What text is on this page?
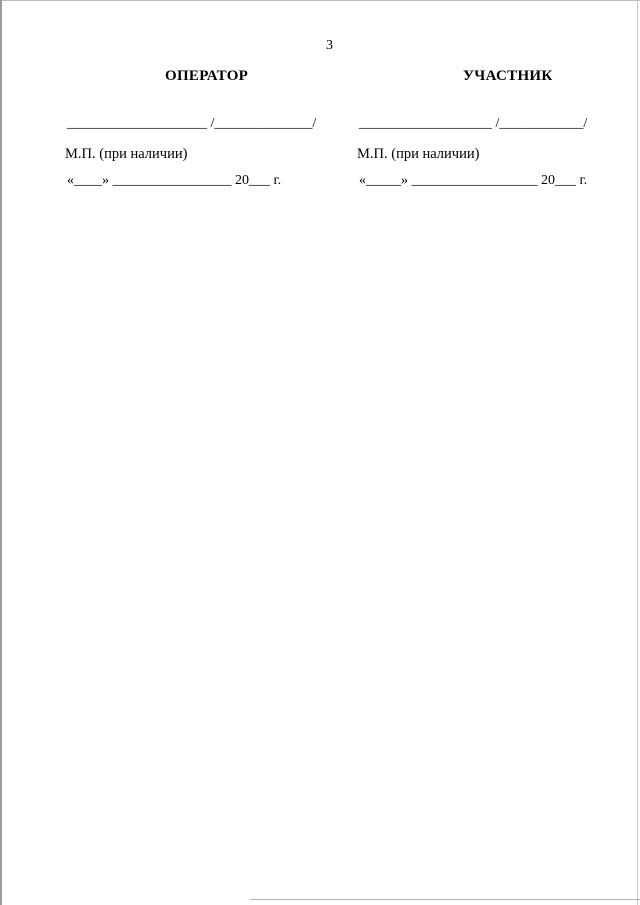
3
ОПЕРАТОР
____________________ /______________/
М.П. (при наличии)
«____» _________________ 20___ г.
УЧАСТНИК
___________________ /____________/
М.П. (при наличии)
«_____» __________________ 20___ г.
